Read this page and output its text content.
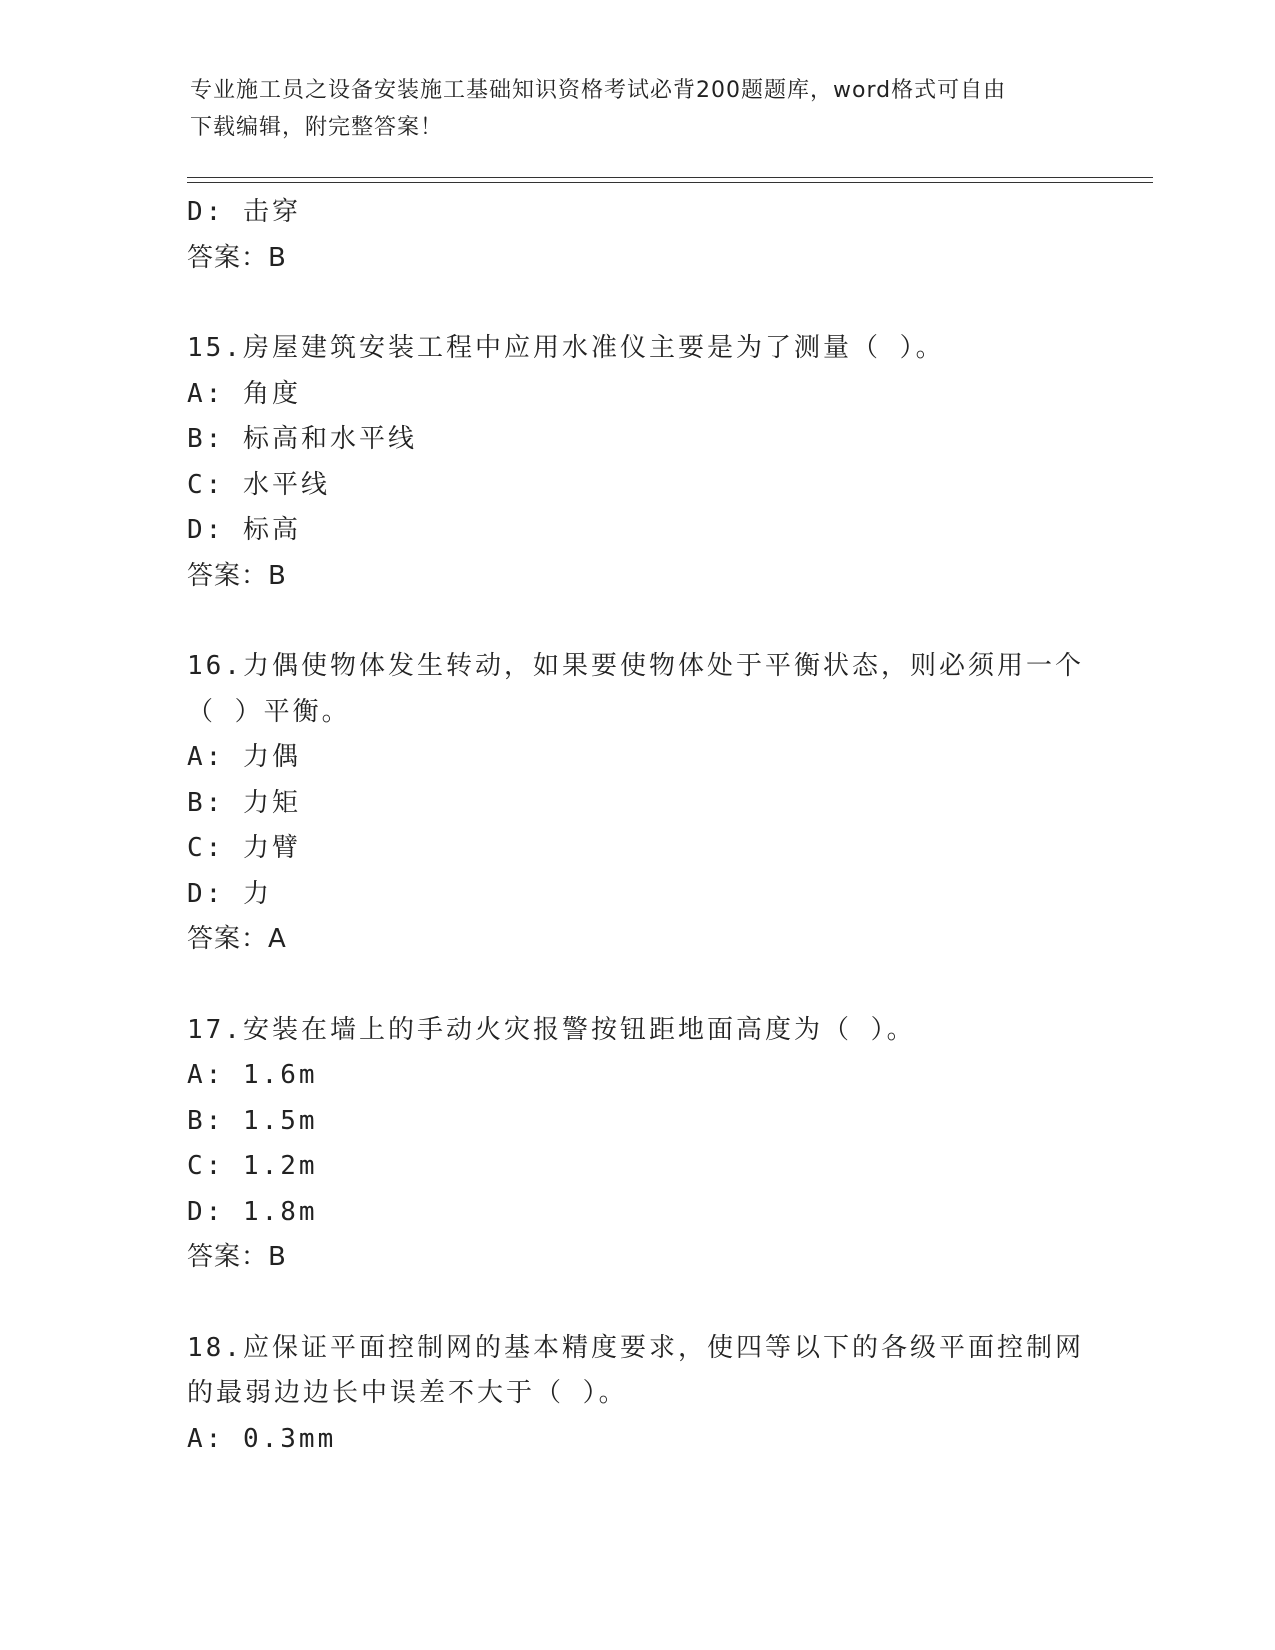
专业施工员之设备安装施工基础知识资格考试必背200题题库，word格式可自由
下载编辑，附完整答案！
D: 击穿
答案：B
15.房屋建筑安装工程中应用水准仪主要是为了测量（ ）。
A: 角度
B: 标高和水平线
C: 水平线
D: 标高
答案：B
16.力偶使物体发生转动，如果要使物体处于平衡状态，则必须用一个
（ ）平衡。
A: 力偶
B: 力矩
C: 力臂
D: 力
答案：A
17.安装在墙上的手动火灾报警按钮距地面高度为（ ）。
A: 1.6m
B: 1.5m
C: 1.2m
D: 1.8m
答案：B
18.应保证平面控制网的基本精度要求，使四等以下的各级平面控制网
的最弱边边长中误差不大于（ ）。
A: 0.3mm
